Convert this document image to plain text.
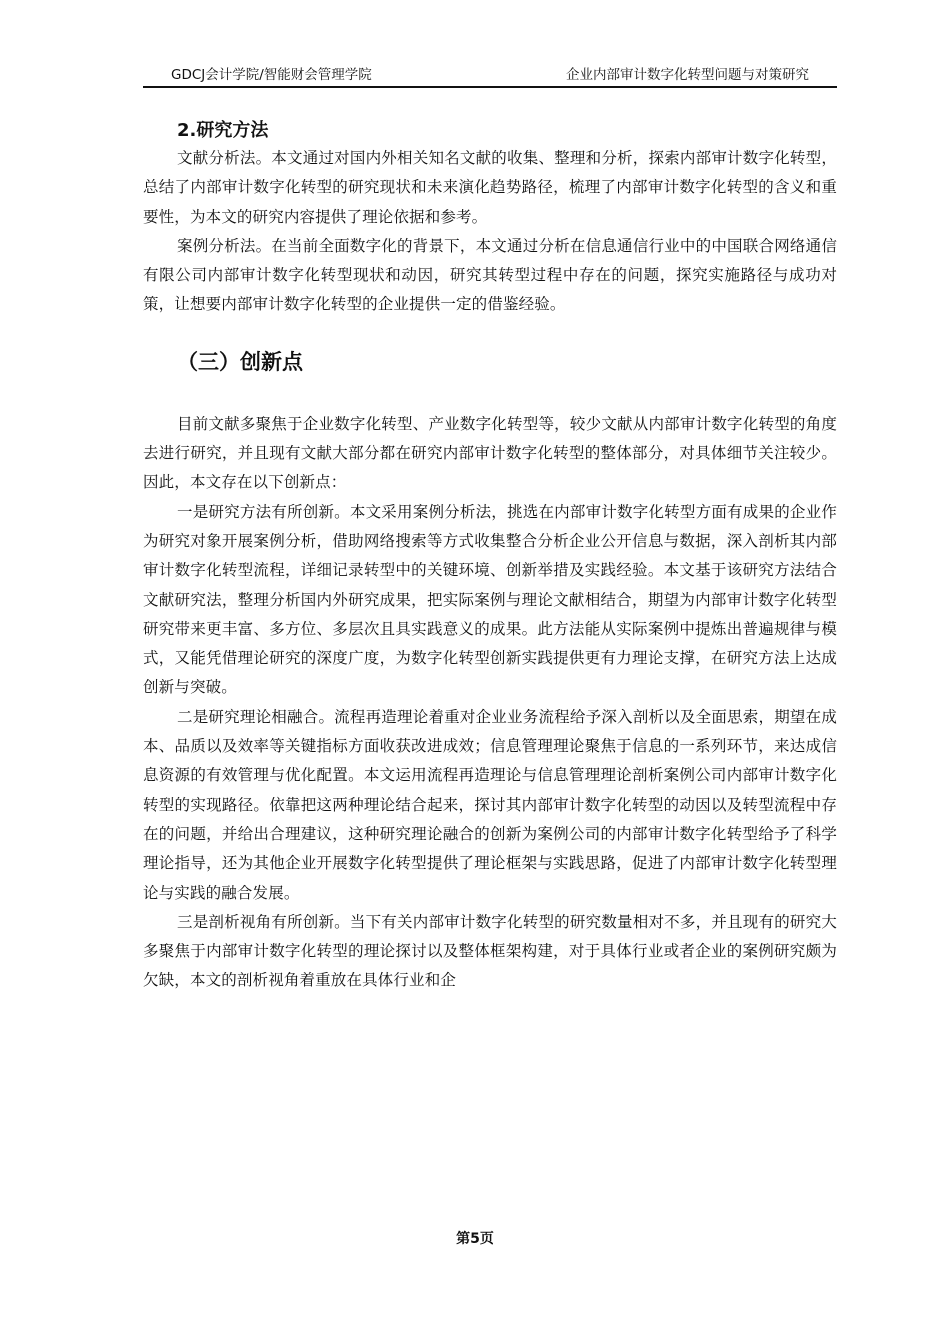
GDCJ会计学院/智能财会管理学院	企业内部审计数字化转型问题与对策研究
2.研究方法

文献分析法。本文通过对国内外相关知名文献的收集、整理和分析，探索内部审计数字化转型，总结了内部审计数字化转型的研究现状和未来演化趋势路径，梳理了内部审计数字化转型的含义和重要性，为本文的研究内容提供了理论依据和参考。

案例分析法。在当前全面数字化的背景下，本文通过分析在信息通信行业中的中国联合网络通信有限公司内部审计数字化转型现状和动因，研究其转型过程中存在的问题，探究实施路径与成功对策，让想要内部审计数字化转型的企业提供一定的借鉴经验。

（三）创新点

目前文献多聚焦于企业数字化转型、产业数字化转型等，较少文献从内部审计数字化转型的角度去进行研究，并且现有文献大部分都在研究内部审计数字化转型的整体部分，对具体细节关注较少。因此，本文存在以下创新点：

一是研究方法有所创新。本文采用案例分析法，挑选在内部审计数字化转型方面有成果的企业作为研究对象开展案例分析，借助网络搜索等方式收集整合分析企业公开信息与数据，深入剖析其内部审计数字化转型流程，详细记录转型中的关键环境、创新举措及实践经验。本文基于该研究方法结合文献研究法，整理分析国内外研究成果，把实际案例与理论文献相结合，期望为内部审计数字化转型研究带来更丰富、多方位、多层次且具实践意义的成果。此方法能从实际案例中提炼出普遍规律与模式，又能凭借理论研究的深度广度，为数字化转型创新实践提供更有力理论支撑，在研究方法上达成创新与突破。

二是研究理论相融合。流程再造理论着重对企业业务流程给予深入剖析以及全面思索，期望在成本、品质以及效率等关键指标方面收获改进成效；信息管理理论聚焦于信息的一系列环节，来达成信息资源的有效管理与优化配置。本文运用流程再造理论与信息管理理论剖析案例公司内部审计数字化转型的实现路径。依靠把这两种理论结合起来，探讨其内部审计数字化转型的动因以及转型流程中存在的问题，并给出合理建议，这种研究理论融合的创新为案例公司的内部审计数字化转型给予了科学理论指导，还为其他企业开展数字化转型提供了理论框架与实践思路，促进了内部审计数字化转型理论与实践的融合发展。

三是剖析视角有所创新。当下有关内部审计数字化转型的研究数量相对不多，并且现有的研究大多聚焦于内部审计数字化转型的理论探讨以及整体框架构建，对于具体行业或者企业的案例研究颇为欠缺，本文的剖析视角着重放在具体行业和企

第5页
